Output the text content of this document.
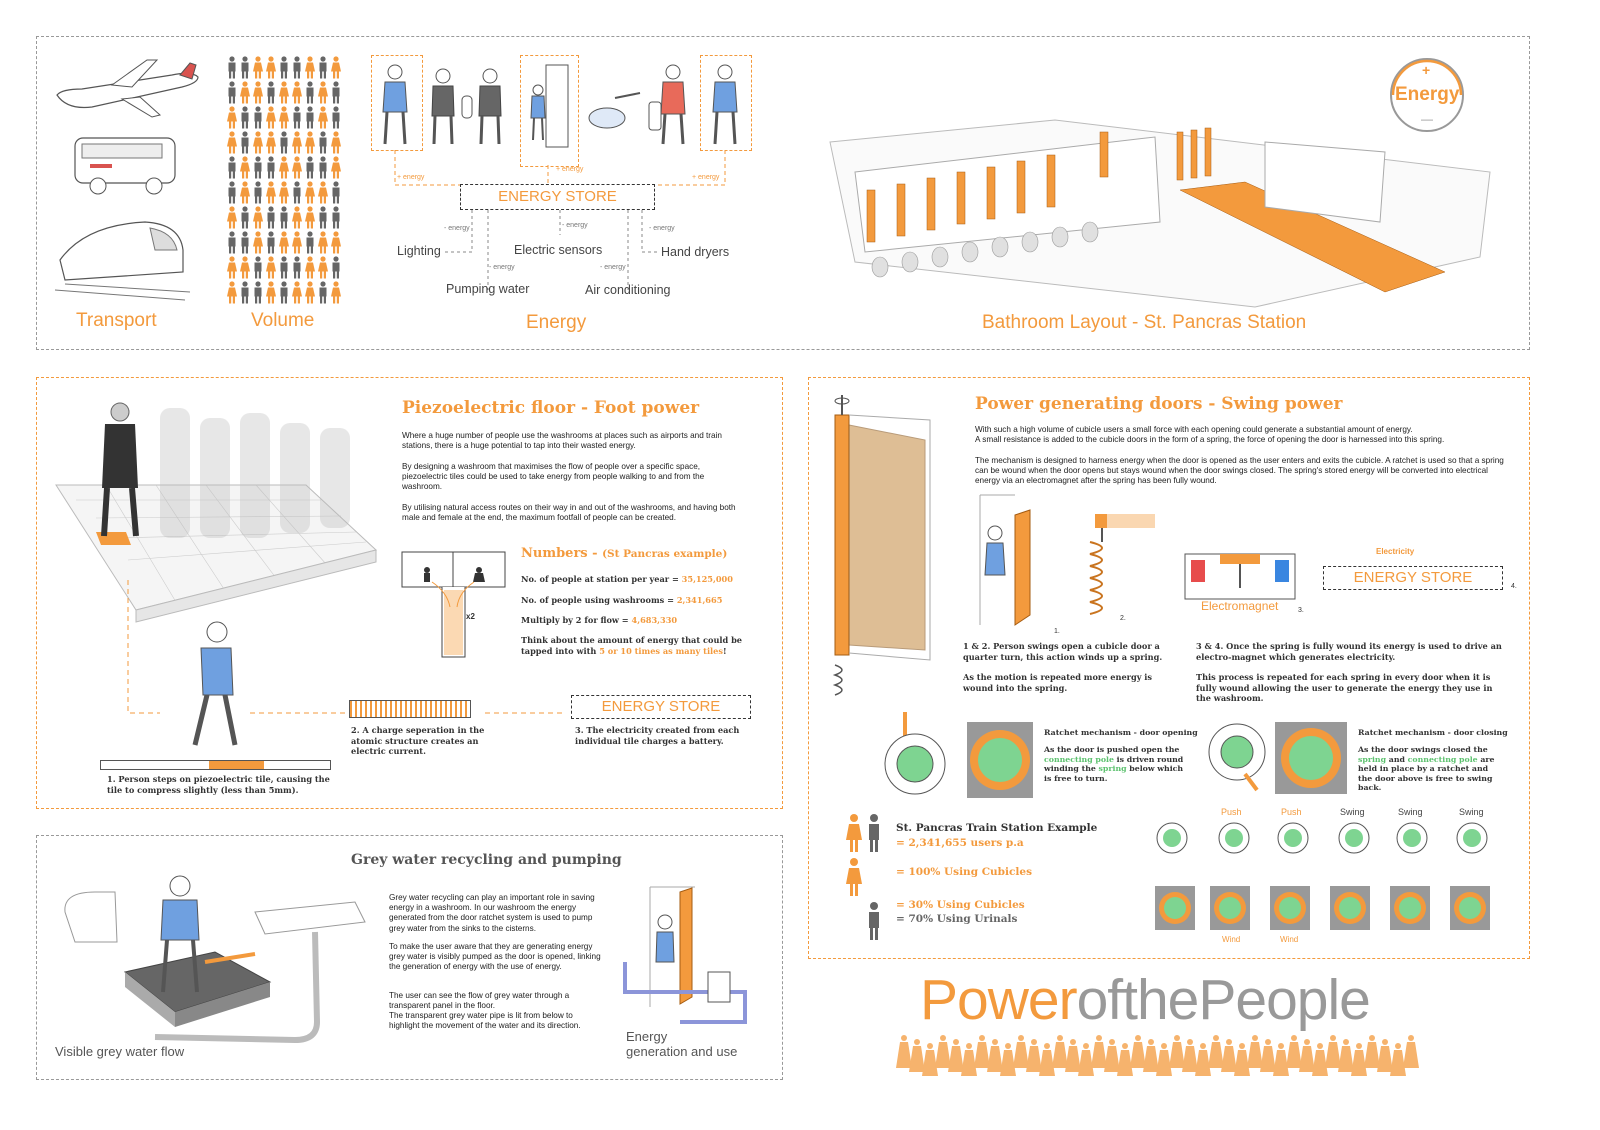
Transport	Volume
+ energy
+ energy
+ energy
ENERGY STORE
- energy	- energy	- energy
- energy	- energy
Lighting	Electric sensors	Hand dryers
Pumping water	Air conditioning
Energy
+
Energy
—
Bathroom Layout - St. Pancras Station
Piezoelectric floor - Foot power
Where a huge number of people use the washrooms at places such as airports and train stations, there is a huge potential to tap into their wasted energy.
By designing a washroom that maximises the flow of people over a specific space, piezoelectric tiles could be used to take energy from people walking to and from the washroom.
By utilising natural access routes on their way in and out of the washrooms, and having both male and female at the end, the maximum footfall of people can be created.
x2
Numbers - (St Pancras example)
No. of people at station per year = 35,125,000
No. of people using washrooms = 2,341,665
Multiply by 2 for flow = 4,683,330
Think about the amount of energy that could be tapped into with 5 or 10 times as many tiles!
1. Person steps on piezoelectric tile, causing the tile to compress slightly (less than 5mm).
2. A charge seperation in the atomic structure creates an electric current.
ENERGY STORE
3. The electricity created from each individual tile charges a battery.
Power generating doors - Swing power
With such a high volume of cubicle users a small force with each opening could generate a substantial amount of energy.
A small resistance is added to the cubicle doors in the form of a spring, the force of opening the door is harnessed into this spring.
The mechanism is designed to harness energy when the door is opened as the user enters and exits the cubicle. A ratchet is used so that a spring can be wound when the door opens but stays wound when the door swings closed. The spring's stored energy will be converted into electrical energy via an electromagnet after the spring has been fully wound.
1.
2.
1 & 2. Person swings open a cubicle door a quarter turn, this action winds up a spring.
As the motion is repeated more energy is wound into the spring.
Electricity
Electromagnet	3.
ENERGY STORE
4.
3 & 4. Once the spring is fully wound its energy is used to drive an electro-magnet which generates electricity.
This process is repeated for each spring in every door when it is fully wound allowing the user to generate the energy they use in the washroom.
Ratchet mechanism - door opening
As the door is pushed open the connecting pole is driven round winding the spring below which is free to turn.
Ratchet mechanism - door closing
As the door swings closed the spring and connecting pole are held in place by a ratchet and the door above is free to swing back.
St. Pancras Train Station Example
= 2,341,655 users p.a
= 100% Using Cubicles
= 30% Using Cubicles
= 70% Using Urinals
Push	Push	Swing	Swing	Swing
Wind	Wind
Grey water recycling and pumping
Visible grey water flow
Grey water recycling can play an important role in saving energy in a washroom. In our washroom the energy generated from the door ratchet system is used to pump grey water from the sinks to the cisterns.
To make the user aware that they are generating energy grey water is visibly pumped as the door is opened, linking the generation of energy with the use of energy.
The user can see the flow of grey water through a transparent panel in the floor.
The transparent grey water pipe is lit from below to highlight the movement of the water and its direction.
Energy
generation and use
PowerofthePeople
